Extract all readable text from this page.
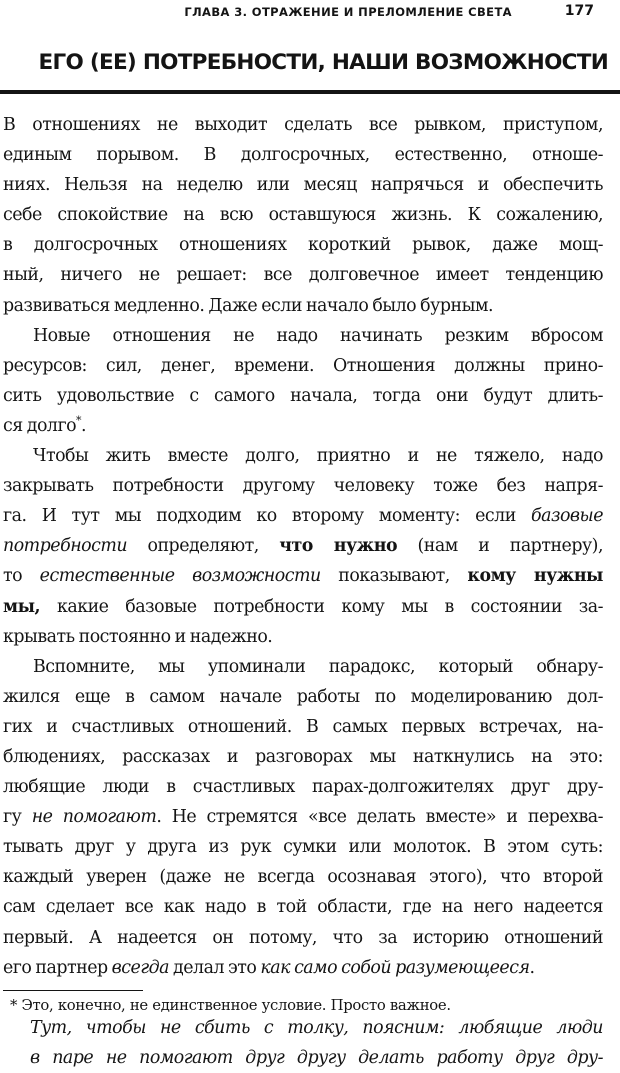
ГЛАВА 3. ОТРАЖЕНИЕ И ПРЕЛОМЛЕНИЕ СВЕТА	177
ЕГО (ЕЕ) ПОТРЕБНОСТИ, НАШИ ВОЗМОЖНОСТИ

В отношениях не выходит сделать все рывком, приступом,
единым порывом. В долгосрочных, естественно, отноше-
ниях. Нельзя на неделю или месяц напрячься и обеспечить
себе спокойствие на всю оставшуюся жизнь. К сожалению,
в долгосрочных отношениях короткий рывок, даже мощ-
ный, ничего не решает: все долговечное имеет тенденцию
развиваться медленно. Даже если начало было бурным.

Новые отношения не надо начинать резким вбросом
ресурсов: сил, денег, времени. Отношения должны прино-
сить удовольствие с самого начала, тогда они будут длить-
ся долго*.

Чтобы жить вместе долго, приятно и не тяжело, надо
закрывать потребности другому человеку тоже без напря-
га. И тут мы подходим ко второму моменту: если базовые
потребности определяют, что нужно (нам и партнеру),
то естественные возможности показывают, кому нужны
мы, какие базовые потребности кому мы в состоянии за-
крывать постоянно и надежно.

Вспомните, мы упоминали парадокс, который обнару-
жился еще в самом начале работы по моделированию дол-
гих и счастливых отношений. В самых первых встречах, на-
блюдениях, рассказах и разговорах мы наткнулись на это:
любящие люди в счастливых парах-долгожителях друг дру-
гу не помогают. Не стремятся «все делать вместе» и перехва-
тывать друг у друга из рук сумки или молоток. В этом суть:
каждый уверен (даже не всегда осознавая этого), что второй
сам сделает все как надо в той области, где на него надеется
первый. А надеется он потому, что за историю отношений
его партнер всегда делал это как само собой разумеющееся.

Тут, чтобы не сбить с толку, поясним: любящие люди
в паре не помогают друг другу делать работу друг дру-

* Это, конечно, не единственное условие. Просто важное.
